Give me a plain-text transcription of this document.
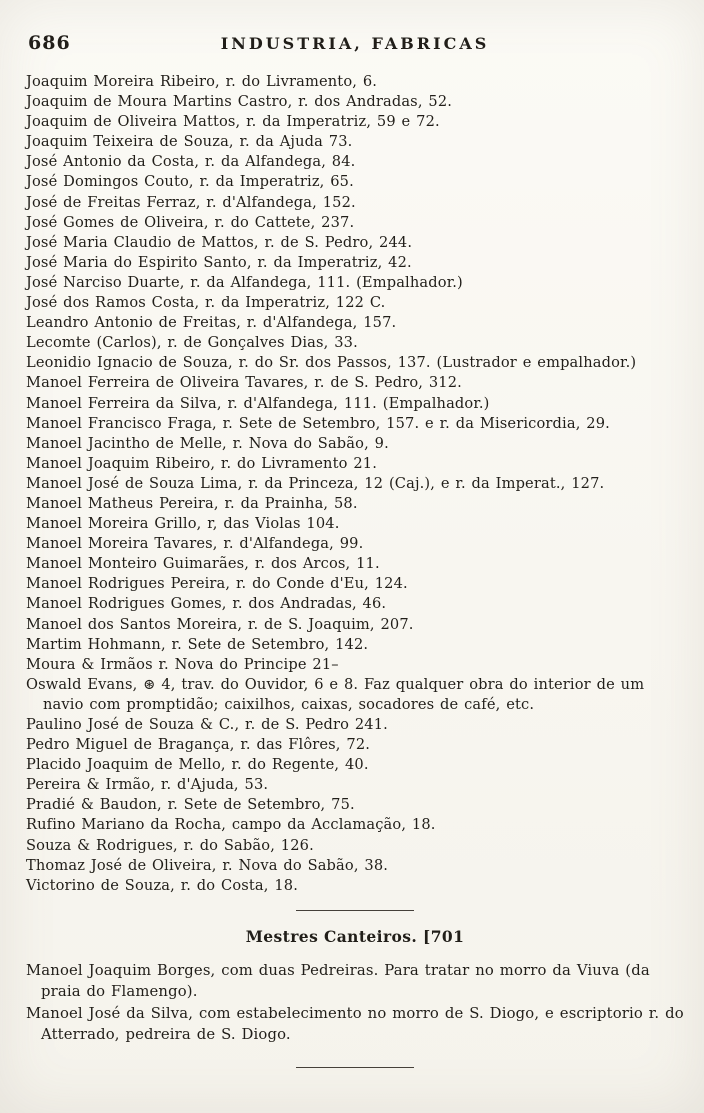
686	INDUSTRIA, FABRICAS

Joaquim Moreira Ribeiro, r. do Livramento, 6.

Joaquim de Moura Martins Castro, r. dos Andradas, 52.

Joaquim de Oliveira Mattos, r. da Imperatriz, 59 e 72.

Joaquim Teixeira de Souza, r. da Ajuda 73.

José Antonio da Costa, r. da Alfandega, 84.

José Domingos Couto, r. da Imperatriz, 65.

José de Freitas Ferraz, r. d'Alfandega, 152.

José Gomes de Oliveira, r. do Cattete, 237.

José Maria Claudio de Mattos, r. de S. Pedro, 244.

José Maria do Espirito Santo, r. da Imperatriz, 42.

José Narciso Duarte, r. da Alfandega, 111. (Empalhador.)

José dos Ramos Costa, r. da Imperatriz, 122 C.

Leandro Antonio de Freitas, r. d'Alfandega, 157.

Lecomte (Carlos), r. de Gonçalves Dias, 33.

Leonidio Ignacio de Souza, r. do Sr. dos Passos, 137. (Lustrador e empalhador.)

Manoel Ferreira de Oliveira Tavares, r. de S. Pedro, 312.

Manoel Ferreira da Silva, r. d'Alfandega, 111. (Empalhador.)

Manoel Francisco Fraga, r. Sete de Setembro, 157. e r. da Misericordia, 29.

Manoel Jacintho de Melle, r. Nova do Sabão, 9.

Manoel Joaquim Ribeiro, r. do Livramento 21.

Manoel José de Souza Lima, r. da Princeza, 12 (Caj.), e r. da Imperat., 127.

Manoel Matheus Pereira, r. da Prainha, 58.

Manoel Moreira Grillo, r, das Violas 104.

Manoel Moreira Tavares, r. d'Alfandega, 99.

Manoel Monteiro Guimarães, r. dos Arcos, 11.

Manoel Rodrigues Pereira, r. do Conde d'Eu, 124.

Manoel Rodrigues Gomes, r. dos Andradas, 46.

Manoel dos Santos Moreira, r. de S. Joaquim, 207.

Martim Hohmann, r. Sete de Setembro, 142.

Moura & Irmãos r. Nova do Principe 21–

Oswald Evans, ⊛ 4, trav. do Ouvidor, 6 e 8. Faz qualquer obra do interior de um navio com promptidão; caixilhos, caixas, socadores de café, etc.

Paulino José de Souza & C., r. de S. Pedro 241.

Pedro Miguel de Bragança, r. das Flôres, 72.

Placido Joaquim de Mello, r. do Regente, 40.

Pereira & Irmão, r. d'Ajuda, 53.

Pradié & Baudon, r. Sete de Setembro, 75.

Rufino Mariano da Rocha, campo da Acclamação, 18.

Souza & Rodrigues, r. do Sabão, 126.

Thomaz José de Oliveira, r. Nova do Sabão, 38.

Victorino de Souza, r. do Costa, 18.

Mestres Canteiros. [701

Manoel Joaquim Borges, com duas Pedreiras. Para tratar no morro da Viuva (da praia do Flamengo).

Manoel José da Silva, com estabelecimento no morro de S. Diogo, e escriptorio r. do Atterrado, pedreira de S. Diogo.
